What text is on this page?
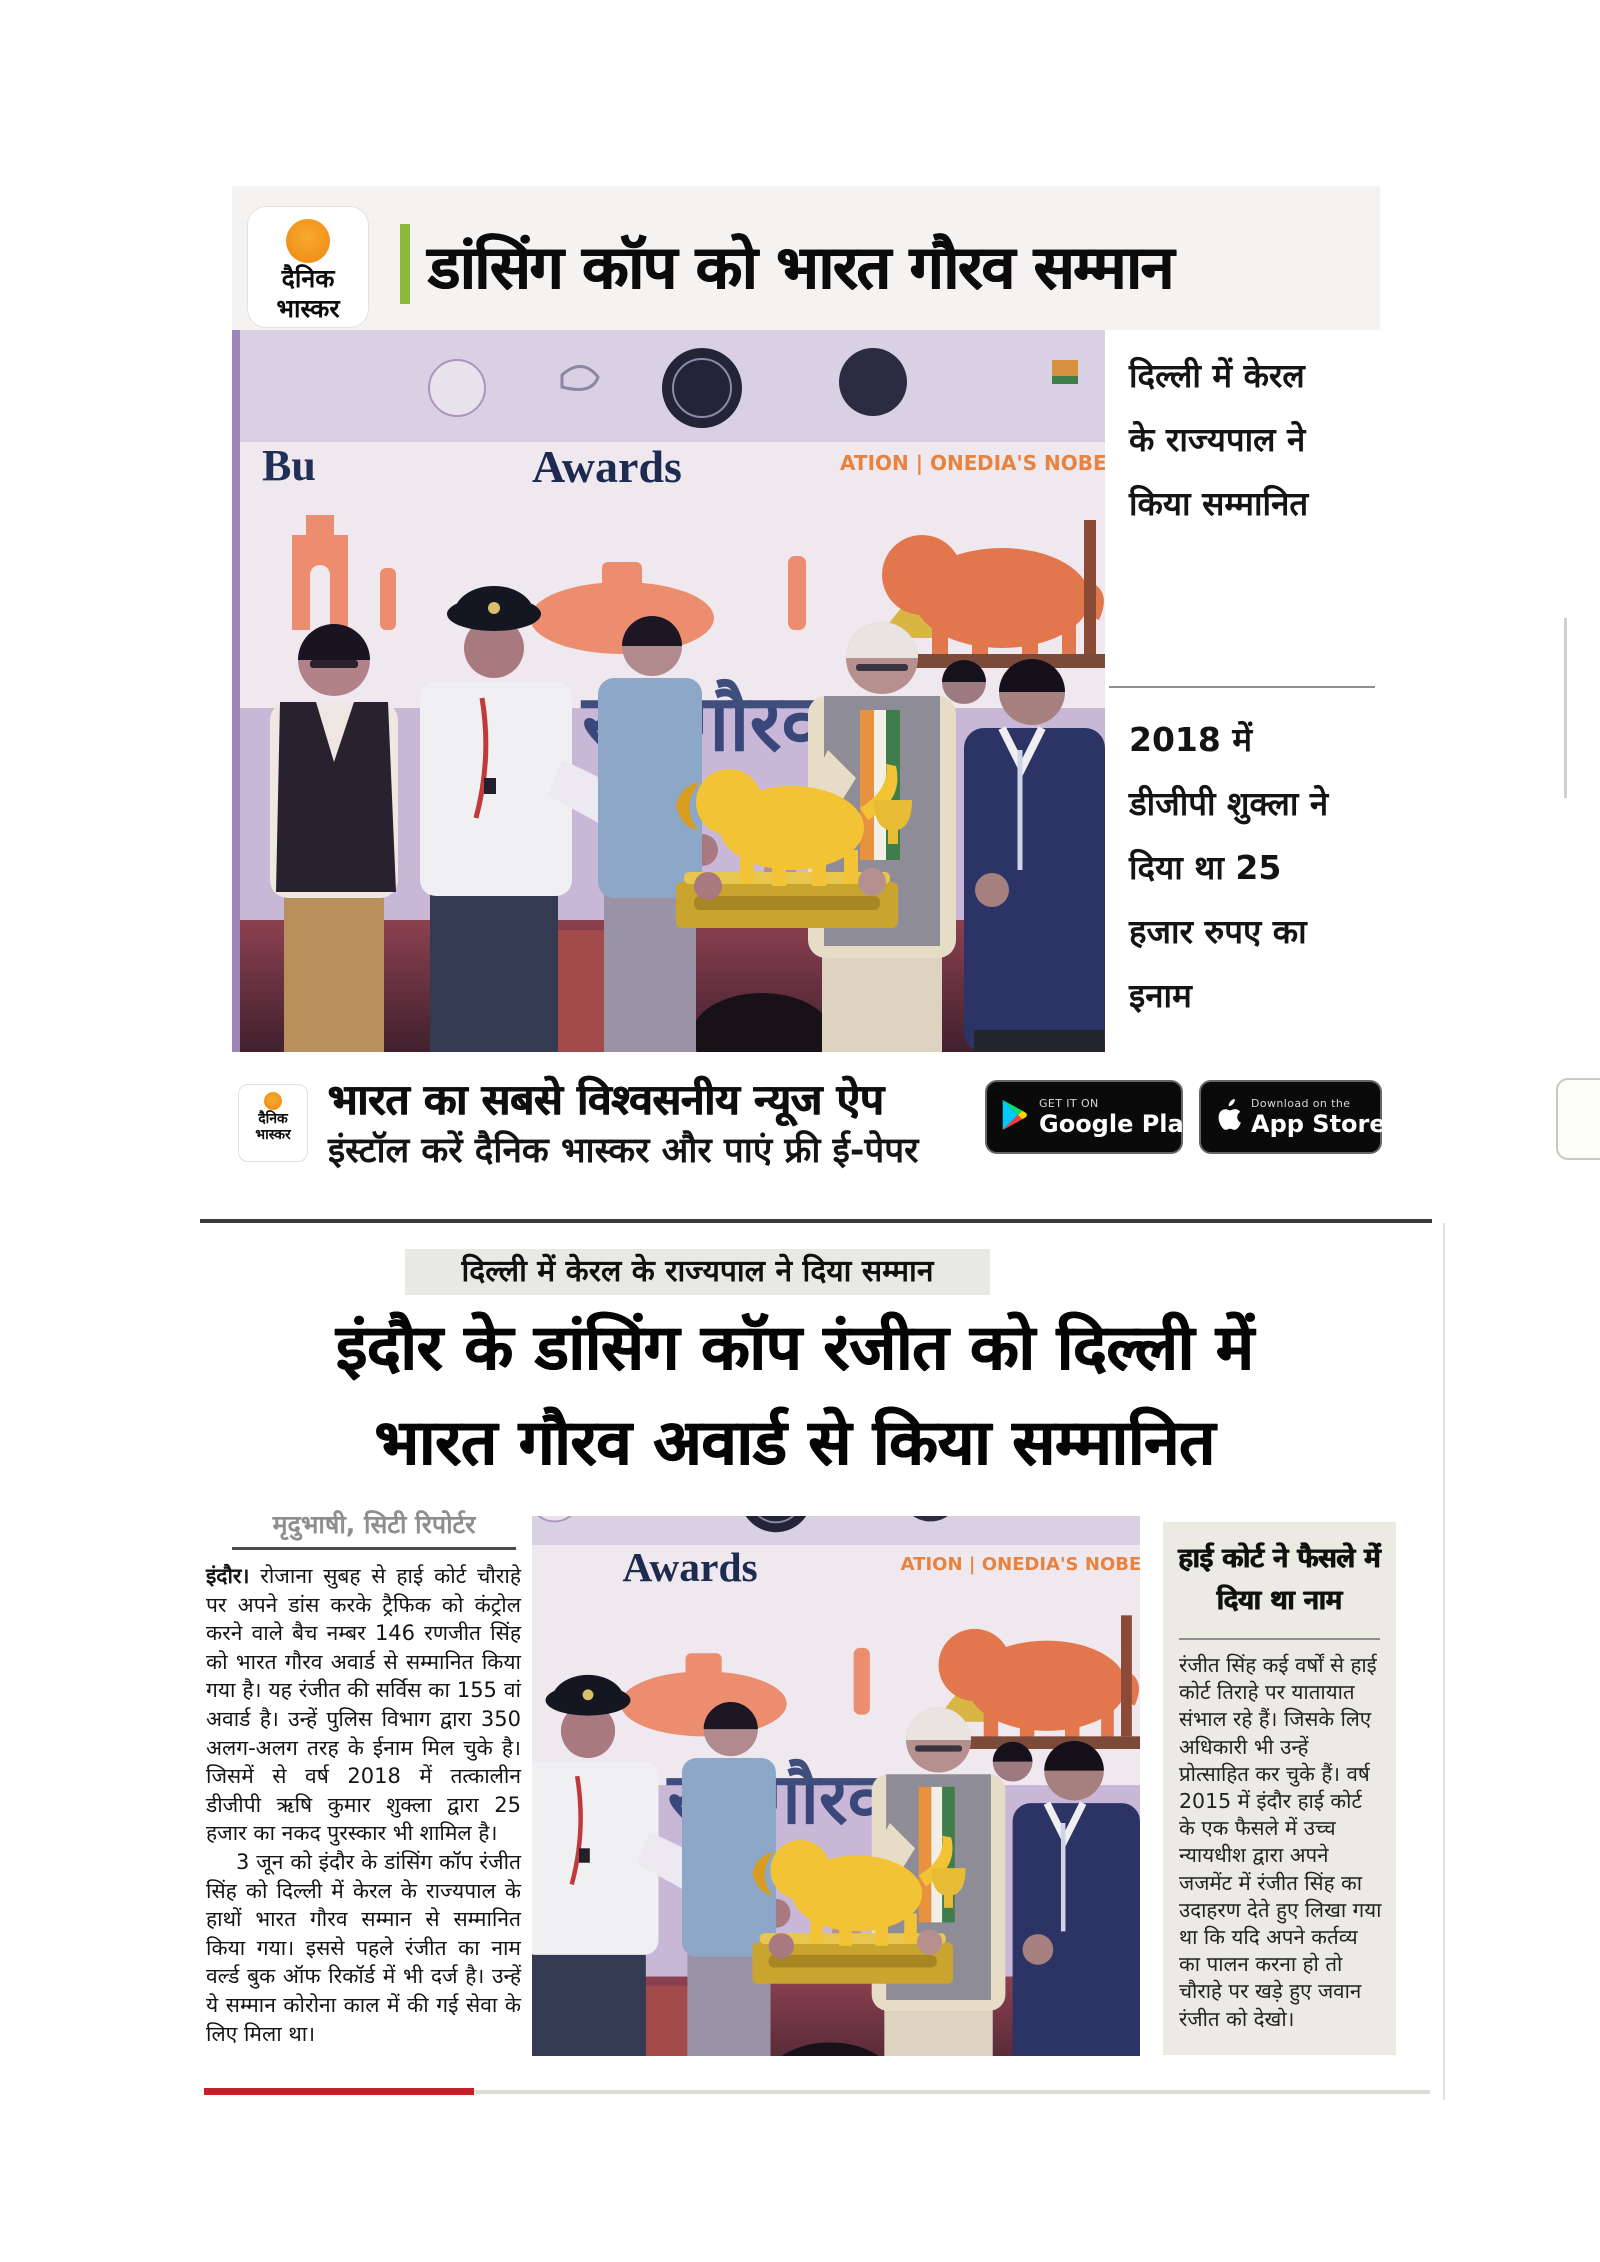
दैनिक
भास्कर
डांसिंग कॉप को भारत गौरव सम्मान
दिल्ली में केरल के राज्यपाल ने किया सम्मानित
2018 में डीजीपी शुक्ला ने दिया था 25 हजार रुपए का इनाम
दैनिक
भास्कर
भारत का सबसे विश्वसनीय न्यूज ऐप
इंस्टॉल करें दैनिक भास्कर और पाएं फ्री ई-पेपर
GET IT ON
Google Play
Download on the
App Store
दिल्ली में केरल के राज्यपाल ने दिया सम्मान
इंदौर के डांसिंग कॉप रंजीत को दिल्ली में
भारत गौरव अवार्ड से किया सम्मानित
मृदुभाषी, सिटी रिपोर्टर

इंदौर। रोजाना सुबह से हाई कोर्ट चौराहे पर अपने डांस करके ट्रैफिक को कंट्रोल करने वाले बैच नम्बर 146 रणजीत सिंह को भारत गौरव अवार्ड से सम्मानित किया गया है। यह रंजीत की सर्विस का 155 वां अवार्ड है। उन्हें पुलिस विभाग द्वारा 350 अलग-अलग तरह के ईनाम मिल चुके है। जिसमें से वर्ष 2018 में तत्कालीन डीजीपी ऋषि कुमार शुक्ला द्वारा 25 हजार का नकद पुरस्कार भी शामिल है।

3 जून को इंदौर के डांसिंग कॉप रंजीत सिंह को दिल्ली में केरल के राज्यपाल के हाथों भारत गौरव सम्मान से सम्मानित किया गया। इससे पहले रंजीत का नाम वर्ल्ड बुक ऑफ रिकॉर्ड में भी दर्ज है। उन्हें ये सम्मान कोरोना काल में की गई सेवा के लिए मिला था।

हाई कोर्ट ने फैसले में दिया था नाम
रंजीत सिंह कई वर्षों से हाई कोर्ट तिराहे पर यातायात संभाल रहे हैं। जिसके लिए अधिकारी भी उन्हें प्रोत्साहित कर चुके हैं। वर्ष 2015 में इंदौर हाई कोर्ट के एक फैसले में उच्च न्यायधीश द्वारा अपने जजमेंट में रंजीत सिंह का उदाहरण देते हुए लिखा गया था कि यदि अपने कर्तव्य का पालन करना हो तो चौराहे पर खड़े हुए जवान रंजीत को देखो।
